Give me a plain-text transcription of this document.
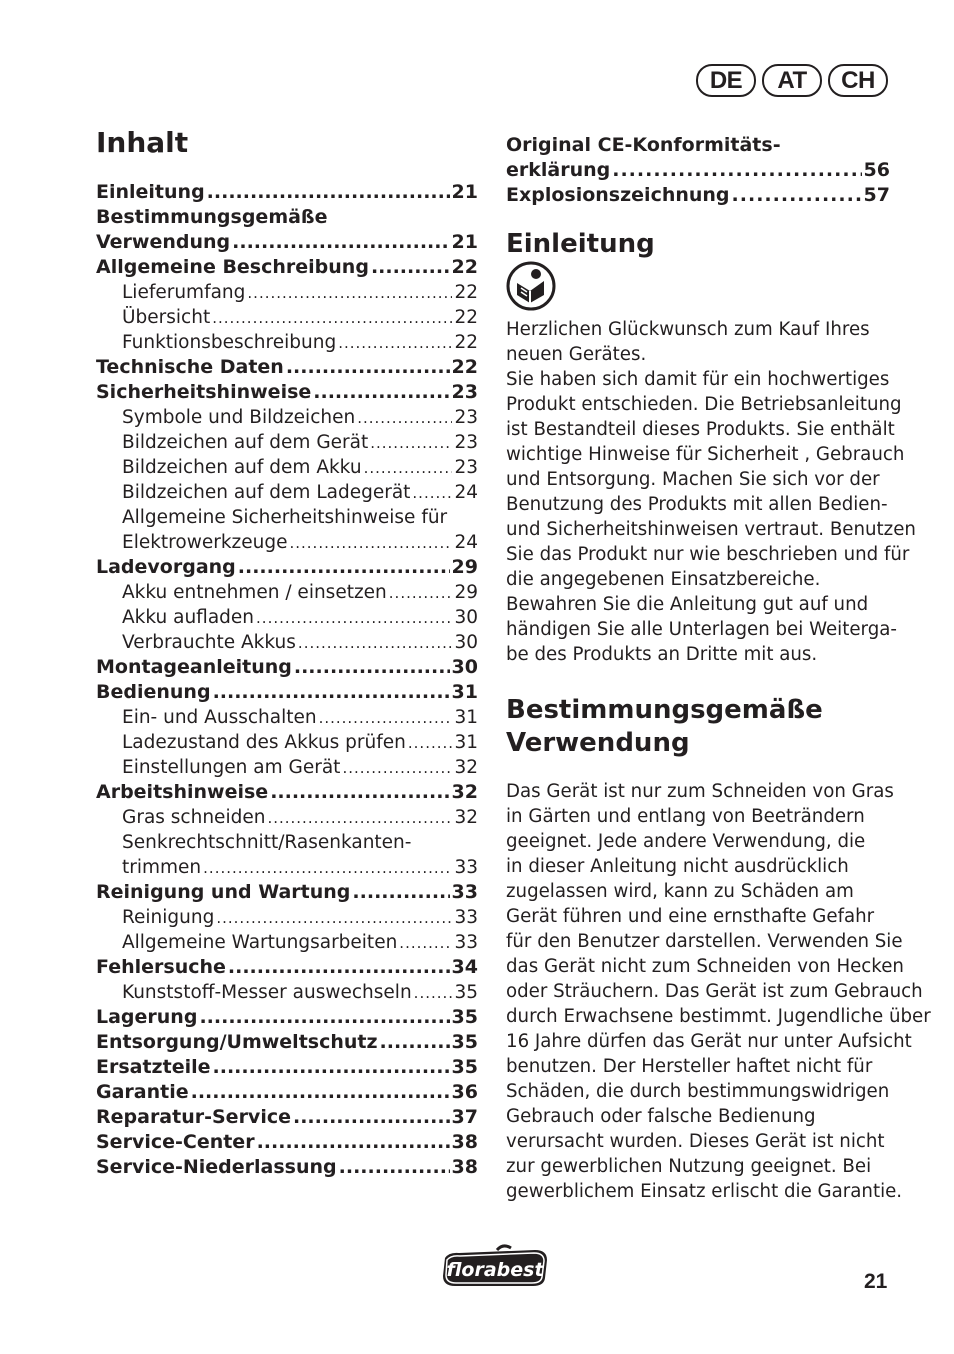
DE	AT	CH
Inhalt
Einleitung .....	21
Bestimmungsgemäße
Verwendung .....	21
Allgemeine Beschreibung .....	22
Lieferumfang .....	22
Übersicht .....	22
Funktionsbeschreibung .....	22
Technische Daten .....	22
Sicherheitshinweise .....	23
Symbole und Bildzeichen .....	23
Bildzeichen auf dem Gerät .....	23
Bildzeichen auf dem Akku .....	23
Bildzeichen auf dem Ladegerät ..... 24
Allgemeine Sicherheitshinweise für
Elektrowerkzeuge .....	24
Ladevorgang .....	29
Akku entnehmen / einsetzen .....	29
Akku aufladen .....	30
Verbrauchte Akkus .....	30
Montageanleitung .....	30
Bedienung .....	31
Ein- und Ausschalten .....	31
Ladezustand des Akkus prüfen .....	31
Einstellungen am Gerät .....	32
Arbeitshinweise .....	32
Gras schneiden .....	32
Senkrechtschnitt/Rasenkanten-
trimmen .....	33
Reinigung und Wartung .....	33
Reinigung .....	33
Allgemeine Wartungsarbeiten .....	33
Fehlersuche .....	34
Kunststoff-Messer auswechseln ..... 35
Lagerung .....	35
Entsorgung/Umweltschutz .....	35
Ersatzteile .....	35
Garantie .....	36
Reparatur-Service .....	37
Service-Center .....	38
Service-Niederlassung .....	38
Original CE-Konformitäts-
erklärung .....	56
Explosionszeichnung .....	57
Einleitung
Herzlichen Glückwunsch zum Kauf Ihres
neuen Gerätes.
Sie haben sich damit für ein hochwertiges
Produkt entschieden. Die Betriebsanleitung
ist Bestandteil dieses Produkts. Sie enthält
wichtige Hinweise für Sicherheit , Gebrauch
und Entsorgung. Machen Sie sich vor der
Benutzung des Produkts mit allen Bedien-
und Sicherheitshinweisen vertraut. Benutzen
Sie das Produkt nur wie beschrieben und für
die angegebenen Einsatzbereiche.
Bewahren Sie die Anleitung gut auf und
händigen Sie alle Unterlagen bei Weiterga-
be des Produkts an Dritte mit aus.
Bestimmungsgemäße
Verwendung
Das Gerät ist nur zum Schneiden von Gras
in Gärten und entlang von Beeträndern
geeignet. Jede andere Verwendung, die
in dieser Anleitung nicht ausdrücklich
zugelassen wird, kann zu Schäden am
Gerät führen und eine ernsthafte Gefahr
für den Benutzer darstellen. Verwenden Sie
das Gerät nicht zum Schneiden von Hecken
oder Sträuchern. Das Gerät ist zum Gebrauch
durch Erwachsene bestimmt. Jugendliche über
16 Jahre dürfen das Gerät nur unter Aufsicht
benutzen. Der Hersteller haftet nicht für
Schäden, die durch bestimmungswidrigen
Gebrauch oder falsche Bedienung
verursacht wurden. Dieses Gerät ist nicht
zur gewerblichen Nutzung geeignet. Bei
gewerblichem Einsatz erlischt die Garantie.
florabest	21
